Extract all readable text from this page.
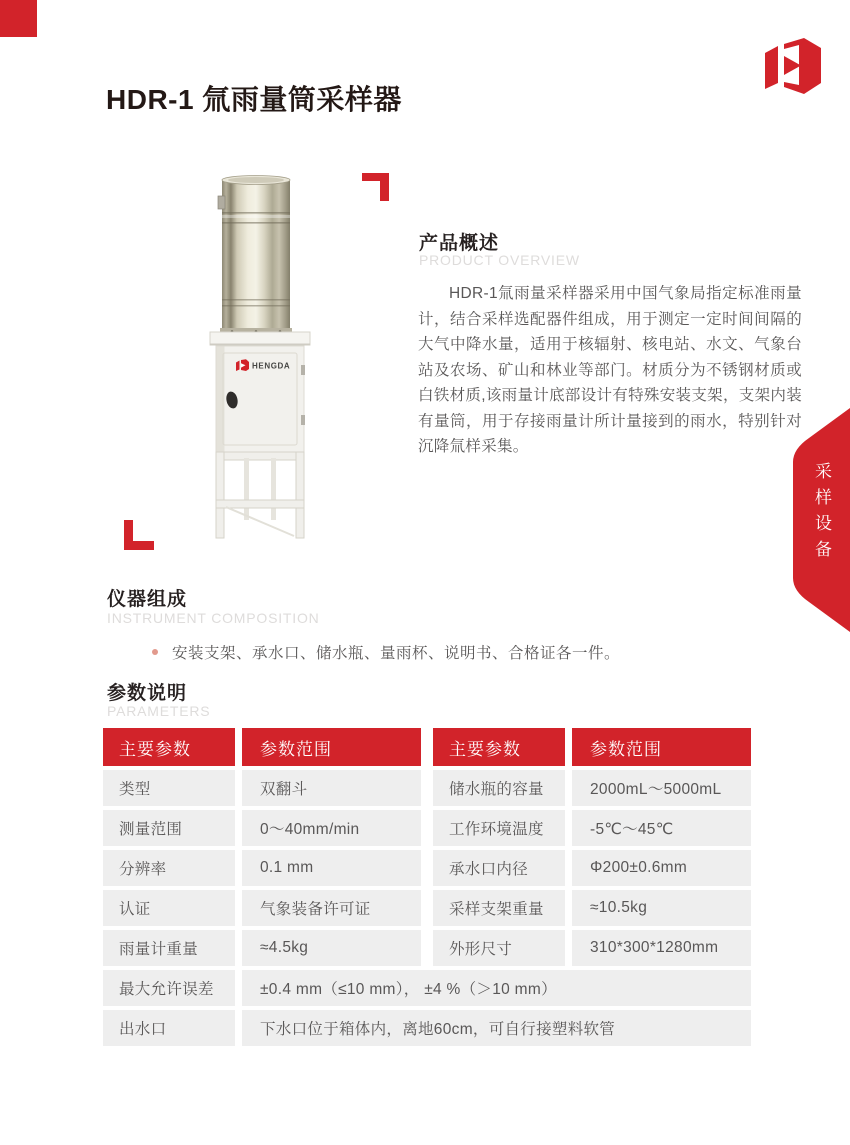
HDR-1 氚雨量筒采样器
HENGDA
产品概述
PRODUCT OVERVIEW
HDR-1氚雨量采样器采用中国气象局指定标准雨量计，结合采样选配器件组成，用于测定一定时间间隔的大气中降水量，适用于核辐射、核电站、水文、气象台站及农场、矿山和林业等部门。材质分为不锈钢材质或白铁材质,该雨量计底部设计有特殊安装支架，支架内装有量筒，用于存接雨量计所计量接到的雨水，特别针对沉降氚样采集。
采样设备
仪器组成
INSTRUMENT COMPOSITION
安装支架、承水口、储水瓶、量雨杯、说明书、合格证各一件。
参数说明
PARAMETERS
主要参数	参数范围
类型	双翻斗
测量范围	0～40mm/min
分辨率	0.1 mm
认证	气象装备许可证
雨量计重量	≈4.5kg
主要参数	参数范围
储水瓶的容量	2000mL～5000mL
工作环境温度	-5℃～45℃
承水口内径	Φ200±0.6mm
采样支架重量	≈10.5kg
外形尺寸	310*300*1280mm
最大允许误差	±0.4 mm（≤10 mm）， ±4 %（＞10 mm）
出水口	下水口位于箱体内，离地60cm，可自行接塑料软管
